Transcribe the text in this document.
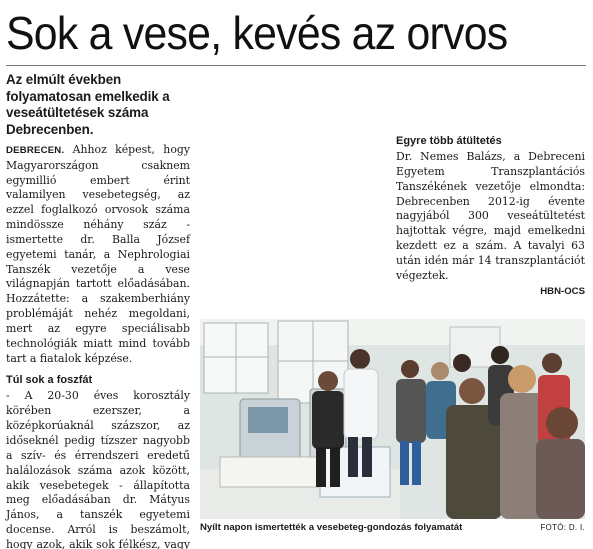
Sok a vese, kevés az orvos
Az elmúlt években folyamatosan emelkedik a veseátültetések száma Debrecenben.

DEBRECEN. Ahhoz képest, hogy Magyarországon csaknem egymillió embert érint valamilyen vesebetegség, az ezzel foglalkozó orvosok száma mindössze néhány száz - ismertette dr. Balla József egyetemi tanár, a Nephrologiai Tanszék vezetője a vese világnapján tartott előadásában. Hozzátette: a szakemberhiány problémáját nehéz megoldani, mert az egyre speciálisabb technológiák miatt mind tovább tart a fiatalok képzése.

Túl sok a foszfát

- A 20-30 éves korosztály körében ezerszer, a középkorúaknál százszor, az időseknél pedig tízszer nagyobb a szív- és érrendszeri eredetű halálozások száma azok között, akik vesebetegek - állapította meg előadásában dr. Mátyus János, a tanszék egyetemi docense. Arról is beszámolt, hogy azok, akik sok félkész, vagy

Egyre több átültetés

Dr. Nemes Balázs, a Debreceni Egyetem Transzplantációs Tanszékének vezetője elmondta: Debrecenben 2012-ig évente nagyjából 300 veseátültetést hajtottak végre, majd emelkedni kezdett ez a szám. A tavalyi 63 után idén már 14 transzplantációt végeztek.

HBN-OCS
Nyílt napon ismertették a vesebeteg-gondozás folyamatát	FOTÓ: D. I.
